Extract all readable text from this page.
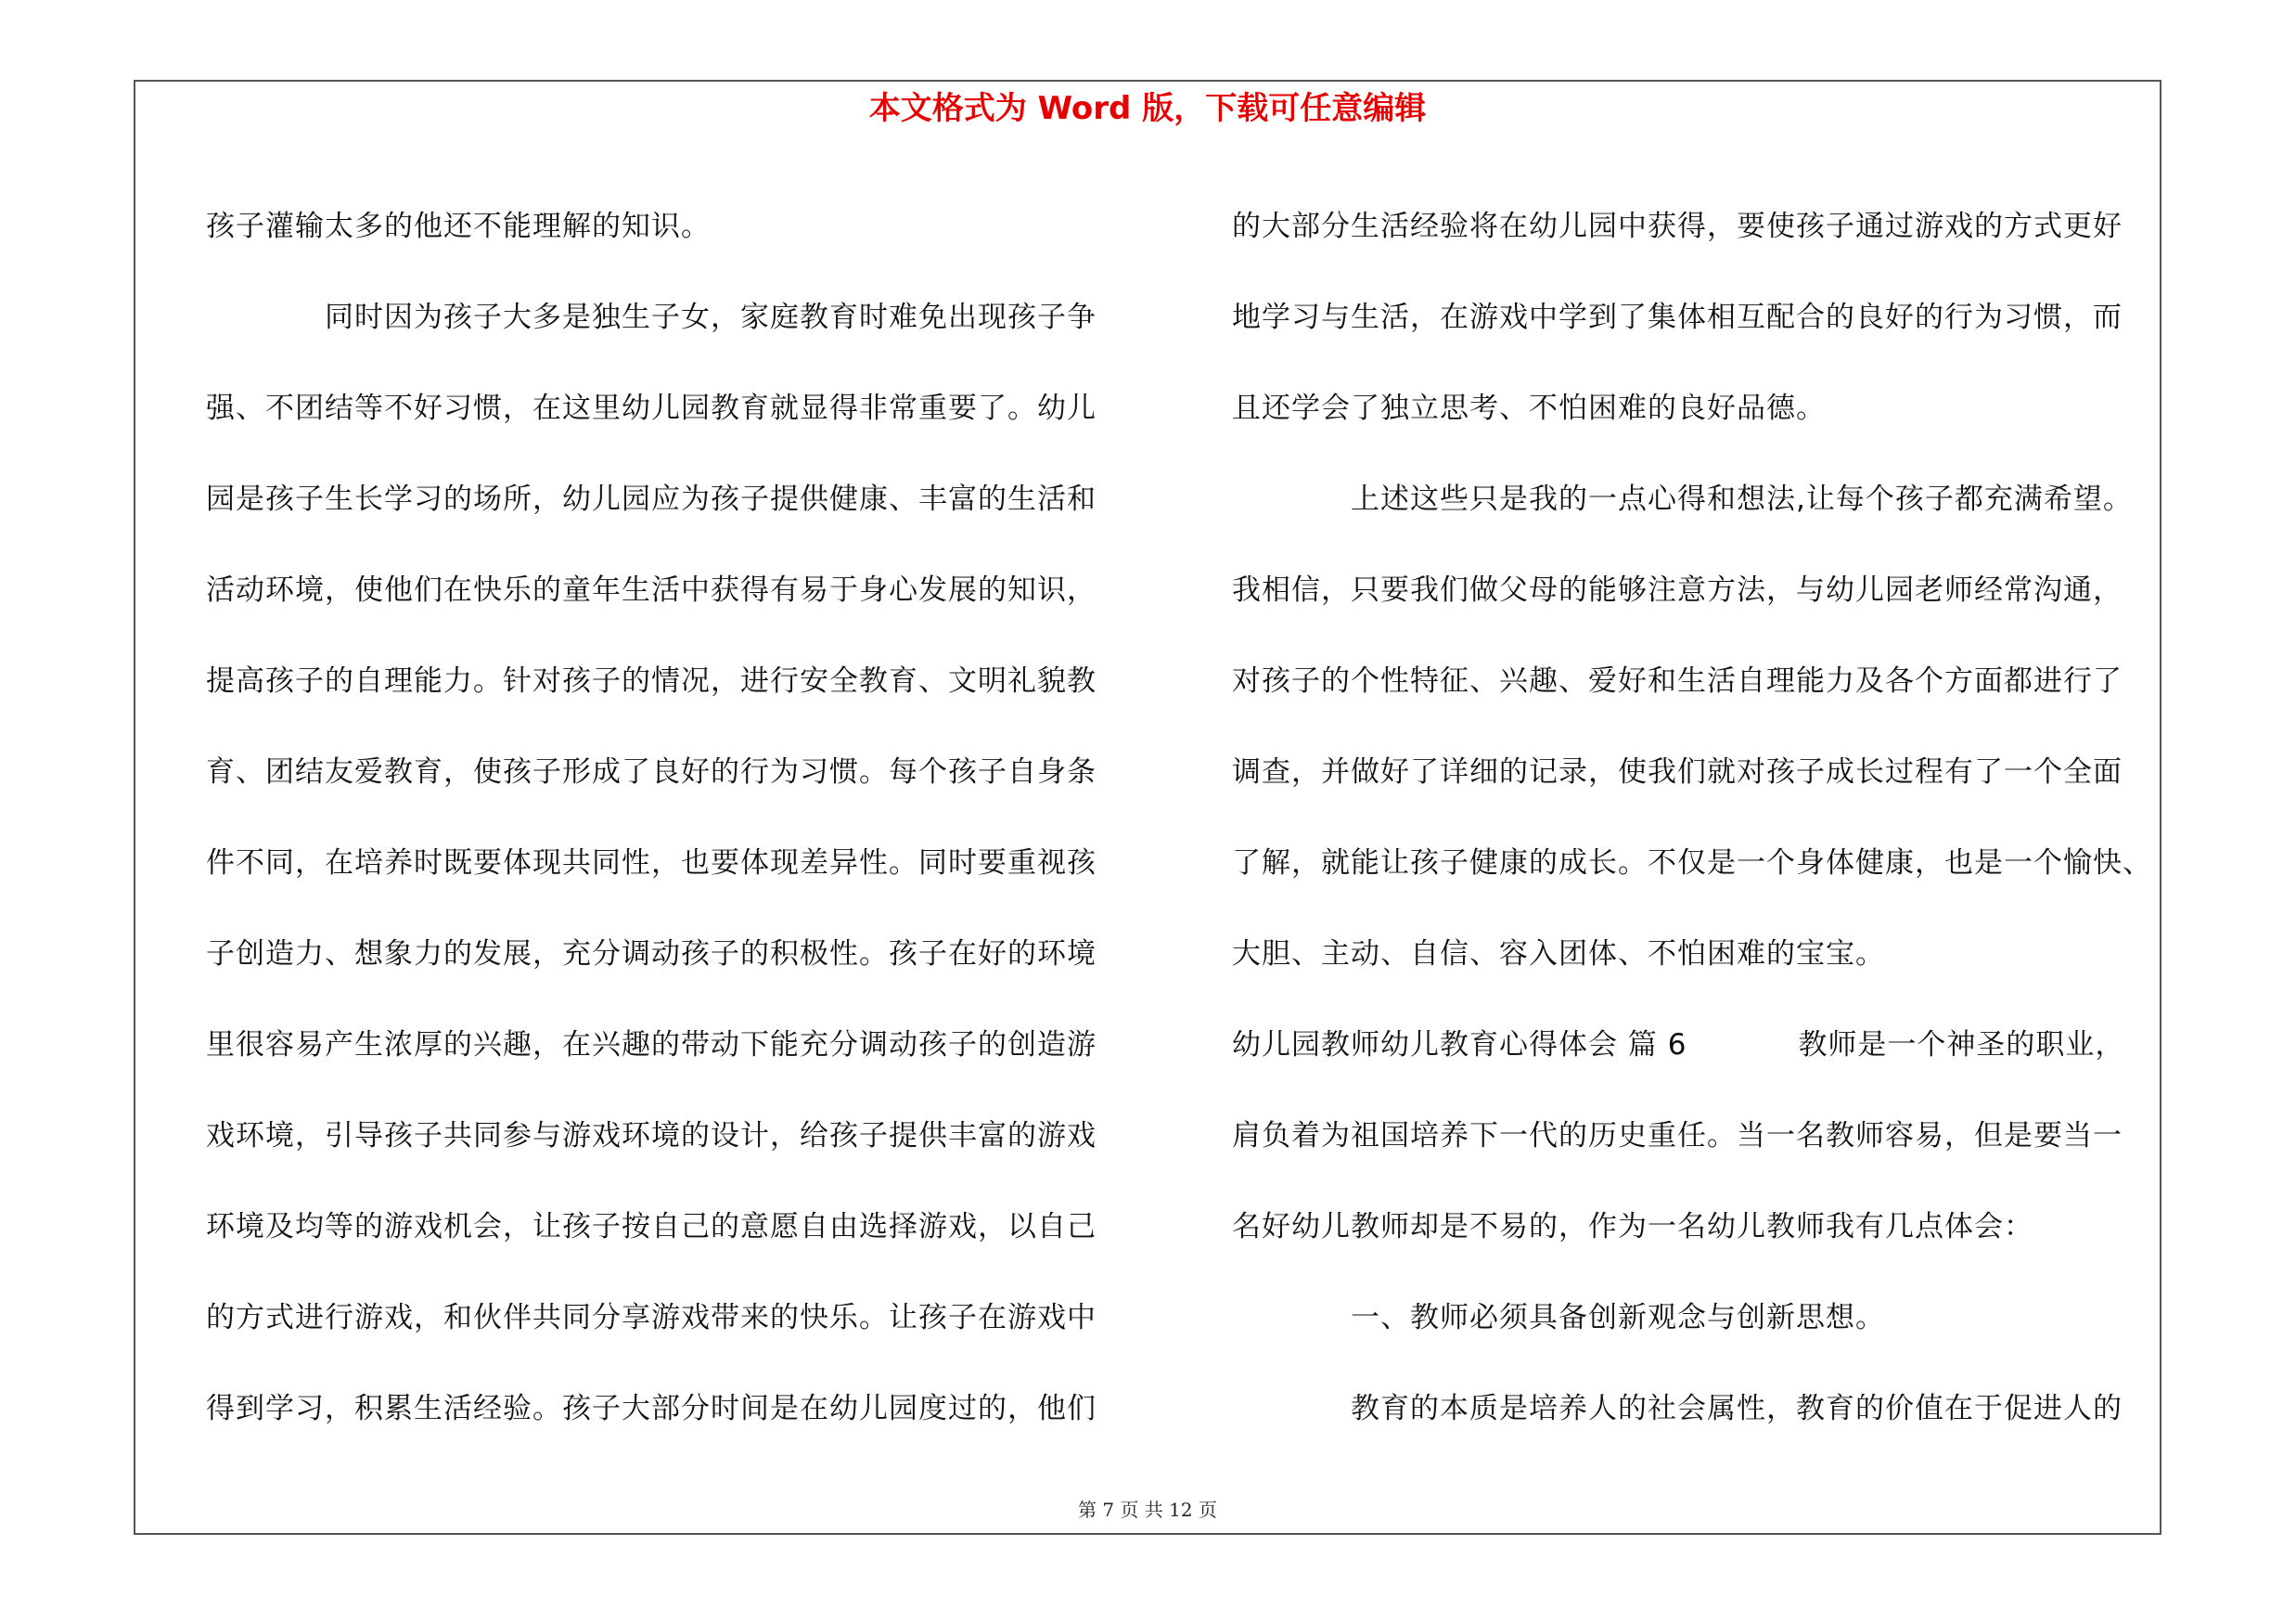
本文格式为 Word 版，下载可任意编辑
孩子灌输太多的他还不能理解的知识。
同时因为孩子大多是独生子女，家庭教育时难免出现孩子争
强、不团结等不好习惯，在这里幼儿园教育就显得非常重要了。幼儿
园是孩子生长学习的场所，幼儿园应为孩子提供健康、丰富的生活和
活动环境，使他们在快乐的童年生活中获得有易于身心发展的知识，
提高孩子的自理能力。针对孩子的情况，进行安全教育、文明礼貌教
育、团结友爱教育，使孩子形成了良好的行为习惯。每个孩子自身条
件不同，在培养时既要体现共同性，也要体现差异性。同时要重视孩
子创造力、想象力的发展，充分调动孩子的积极性。孩子在好的环境
里很容易产生浓厚的兴趣，在兴趣的带动下能充分调动孩子的创造游
戏环境，引导孩子共同参与游戏环境的设计，给孩子提供丰富的游戏
环境及均等的游戏机会，让孩子按自己的意愿自由选择游戏，以自己
的方式进行游戏，和伙伴共同分享游戏带来的快乐。让孩子在游戏中
得到学习，积累生活经验。孩子大部分时间是在幼儿园度过的，他们
的大部分生活经验将在幼儿园中获得，要使孩子通过游戏的方式更好
地学习与生活，在游戏中学到了集体相互配合的良好的行为习惯，而
且还学会了独立思考、不怕困难的良好品德。
上述这些只是我的一点心得和想法,让每个孩子都充满希望。
我相信，只要我们做父母的能够注意方法，与幼儿园老师经常沟通，
对孩子的个性特征、兴趣、爱好和生活自理能力及各个方面都进行了
调查，并做好了详细的记录，使我们就对孩子成长过程有了一个全面
了解，就能让孩子健康的成长。不仅是一个身体健康，也是一个愉快、
大胆、主动、自信、容入团体、不怕困难的宝宝。
幼儿园教师幼儿教育心得体会 篇 6	教师是一个神圣的职业，
肩负着为祖国培养下一代的历史重任。当一名教师容易，但是要当一
名好幼儿教师却是不易的，作为一名幼儿教师我有几点体会：
一、教师必须具备创新观念与创新思想。
教育的本质是培养人的社会属性，教育的价值在于促进人的
第 7 页 共 12 页
